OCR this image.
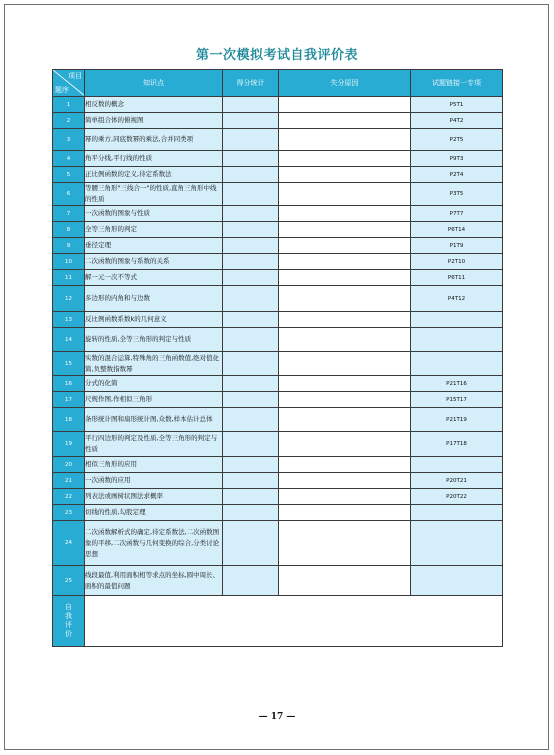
第一次模拟考试自我评价表
项目
题序	知识点	得分统计	失分原因	试题链接一专项
1	相反数的概念			P5T1
2	简单组合体的俯视图			P4T2
3	幂的乘方,同底数幂的乘法,合并同类项			P2T5
4	角平分线,平行线的性质			P9T3
5	正比例函数的定义,待定系数法			P2T4
6	等腰三角形"三线合一"的性质,直角三角形中线的性质			P3T5
7	一次函数的图象与性质			P7T7
8	全等三角形的判定			P6T14
9	垂径定理			P1T9
10	二次函数的图象与系数的关系			P2T10
11	解一元一次不等式			P6T11
12	多边形的内角和与边数			P4T12
13	反比例函数系数k的几何意义			
14	旋转的性质,全等三角形的判定与性质			
15	实数的混合运算,特殊角的三角函数值,绝对值化简,负整数指数幂			
16	分式的化简			P21T16
17	尺规作图,作相似三角形			P15T17
18	条形统计图和扇形统计图,众数,样本估计总体			P21T19
19	平行四边形的判定及性质,全等三角形的判定与性质			P17T18
20	相似三角形的应用			
21	一次函数的应用			P20T21
22	列表法或画树状图法求概率			P20T22
23	切线的性质,勾股定理			
24	二次函数解析式的确定,待定系数法,二次函数图象的平移,二次函数与几何变换的综合,分类讨论思想			
25	线段最值,利用面积相等求点的坐标,圆中周长、面积的最值问题			
自我评价				
— 17 —
